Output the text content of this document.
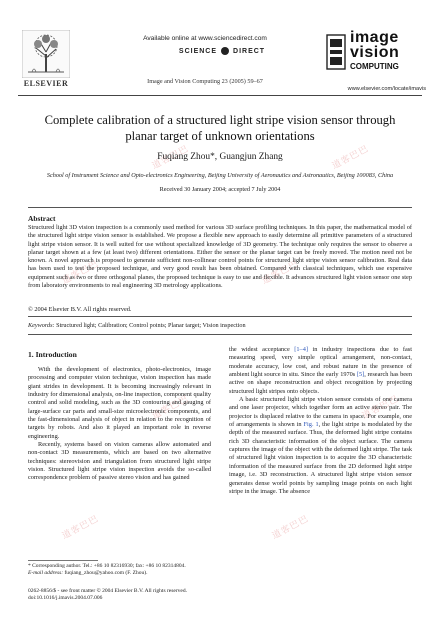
道客巴巴	道客巴巴
道客巴巴	道客巴巴
道客巴巴	道客巴巴
道客巴巴	道客巴巴
ELSEVIER
Available online at www.sciencedirect.com
SCIENCE DIRECT
Image and Vision Computing 23 (2005) 59–67
image
vision
COMPUTING
www.elsevier.com/locate/imavis
Complete calibration of a structured light stripe vision sensor through planar target of unknown orientations
Fuqiang Zhou*, Guangjun Zhang
School of Instrument Science and Opto-electronics Engineering, Beijing University of Aeronautics and Astronautics, Beijing 100083, China
Received 30 January 2004; accepted 7 July 2004
Abstract
Structured light 3D vision inspection is a commonly used method for various 3D surface profiling techniques. In this paper, the mathematical model of the structured light stripe vision sensor is established. We propose a flexible new approach to easily determine all primitive parameters of a structured light stripe vision sensor. It is well suited for use without specialized knowledge of 3D geometry. The technique only requires the sensor to observe a planar target shown at a few (at least two) different orientations. Either the sensor or the planar target can be freely moved. The motion need not be known. A novel approach is proposed to generate sufficient non-collinear control points for structured light stripe vision sensor calibration. Real data has been used to test the proposed technique, and very good result has been obtained. Compared with classical techniques, which use expensive equipment such as two or three orthogonal planes, the proposed technique is easy to use and flexible. It advances structured light vision sensor one step from laboratory environments to real engineering 3D metrology applications.
© 2004 Elsevier B.V. All rights reserved.
Keywords: Structured light; Calibration; Control points; Planar target; Vision inspection
1. Introduction

With the development of electronics, photo-electronics, image processing and computer vision technique, vision inspection has made giant strides in development. It is becoming increasingly relevant in industry for dimensional analysis, on-line inspection, component quality control and solid modeling, such as the 3D contouring and gauging of large-surface car parts and small-size microelectronic components, and the fast-dimensional analysis of object in relation to the recognition of targets by robots. And also it played an important role in reverse engineering.

Recently, systems based on vision cameras allow automated and non-contact 3D measurements, which are based on two alternative techniques: stereovision and triangulation from structured light stripe vision. Structured light stripe vision inspection avoids the so-called correspondence problem of passive stereo vision and has gained

the widest acceptance [1–4] in industry inspections due to fast measuring speed, very simple optical arrangement, non-contact, moderate accuracy, low cost, and robust nature in the presence of ambient light source in situ. Since the early 1970s [5], research has been active on shape reconstruction and object recognition by projecting structured light stripes onto objects.

A basic structured light stripe vision sensor consists of one camera and one laser projector, which together form an active stereo pair. The projector is displaced relative to the camera in space. For example, one of arrangements is shown in Fig. 1, the light stripe is modulated by the depth of the measured surface. Thus, the deformed light stripe contains rich 3D characteristic information of the object surface. The camera captures the image of the object with the deformed light stripe. The task of structured light vision inspection is to acquire the 3D characteristic information of the measured surface from the 2D deformed light stripe image, i.e. 3D reconstruction. A structured light stripe vision sensor generates dense world points by sampling image points on each light stripe in the image. The absence

* Corresponding author. Tel.: +86 10 82316930; fax: +86 10 82314804.
E-mail address: fuqiang_zhou@yahoo.com (F. Zhou).
0262-8856/$ - see front matter © 2004 Elsevier B.V. All rights reserved.
doi:10.1016/j.imavis.2004.07.006
